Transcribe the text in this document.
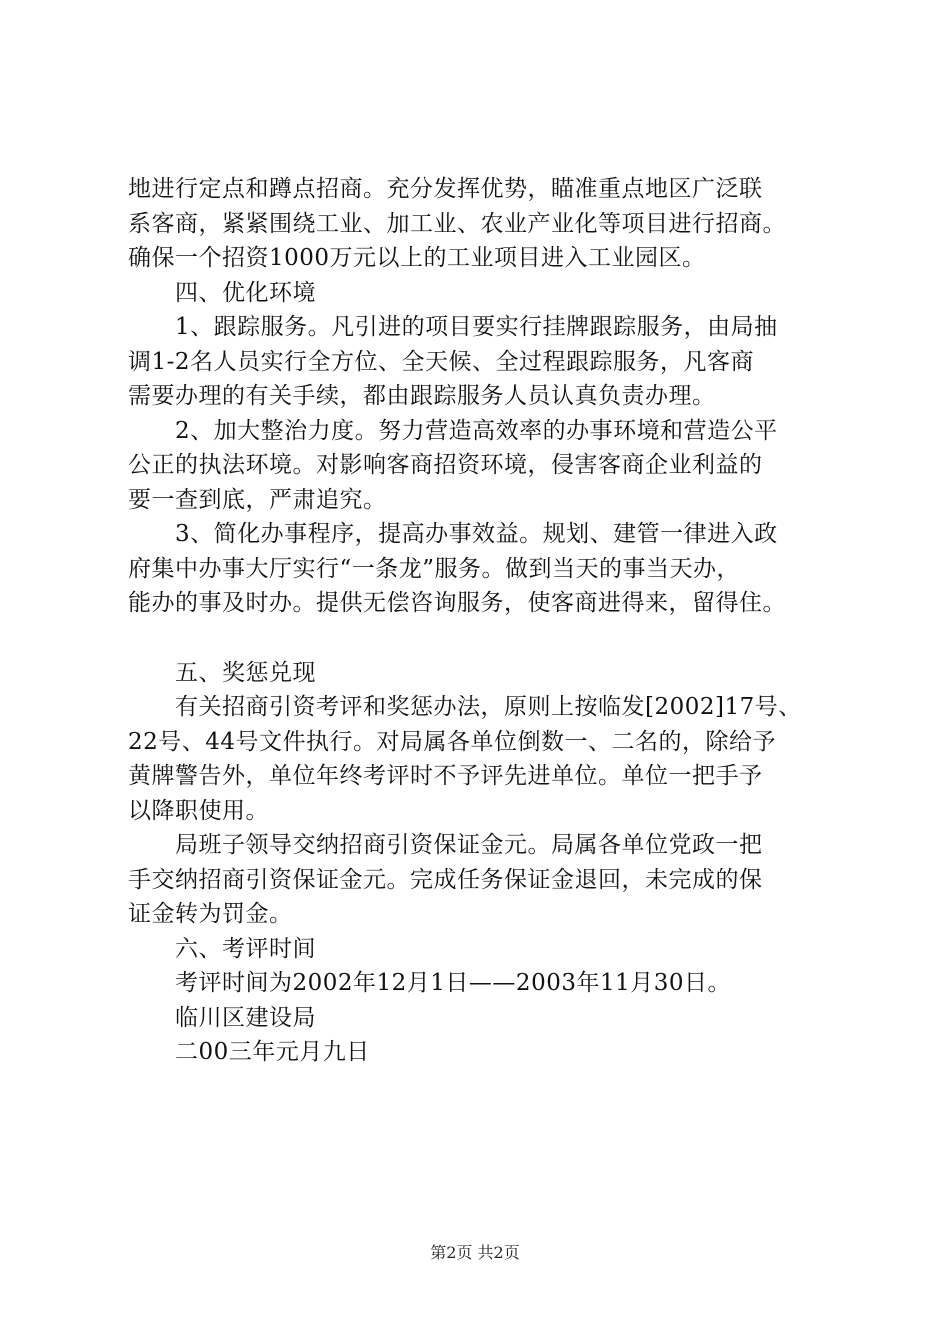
地进行定点和蹲点招商。充分发挥优势，瞄准重点地区广泛联
系客商，紧紧围绕工业、加工业、农业产业化等项目进行招商。
确保一个招资1000万元以上的工业项目进入工业园区。
四、优化环境
1、跟踪服务。凡引进的项目要实行挂牌跟踪服务，由局抽
调1-2名人员实行全方位、全天候、全过程跟踪服务，凡客商
需要办理的有关手续，都由跟踪服务人员认真负责办理。
2、加大整治力度。努力营造高效率的办事环境和营造公平
公正的执法环境。对影响客商招资环境，侵害客商企业利益的
要一查到底，严肃追究。
3、简化办事程序，提高办事效益。规划、建管一律进入政
府集中办事大厅实行“一条龙”服务。做到当天的事当天办，
能办的事及时办。提供无偿咨询服务，使客商进得来，留得住。
五、奖惩兑现
有关招商引资考评和奖惩办法，原则上按临发[2002]17号、
22号、44号文件执行。对局属各单位倒数一、二名的，除给予
黄牌警告外，单位年终考评时不予评先进单位。单位一把手予
以降职使用。
局班子领导交纳招商引资保证金元。局属各单位党政一把
手交纳招商引资保证金元。完成任务保证金退回，未完成的保
证金转为罚金。
六、考评时间
考评时间为2002年12月1日——2003年11月30日。
临川区建设局
二00三年元月九日
第2页 共2页
